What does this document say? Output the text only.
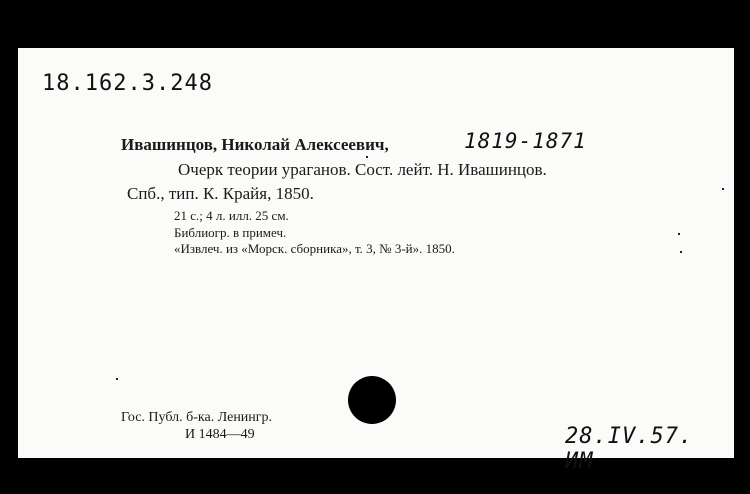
18.162.3.248
Ивашинцов, Николай Алексеевич,	1819-1871
Очерк теории ураганов. Сост. лейт. Н. Ивашинцов.
Спб., тип. К. Крайя, 1850.
21 с.; 4 л. илл. 25 см.
Библиогр. в примеч.
«Извлеч. из «Морск. сборника», т. 3, № 3-й». 1850.
Гос. Публ. б-ка. Ленингр.
И 1484—49	28.IV.57. ИМ
